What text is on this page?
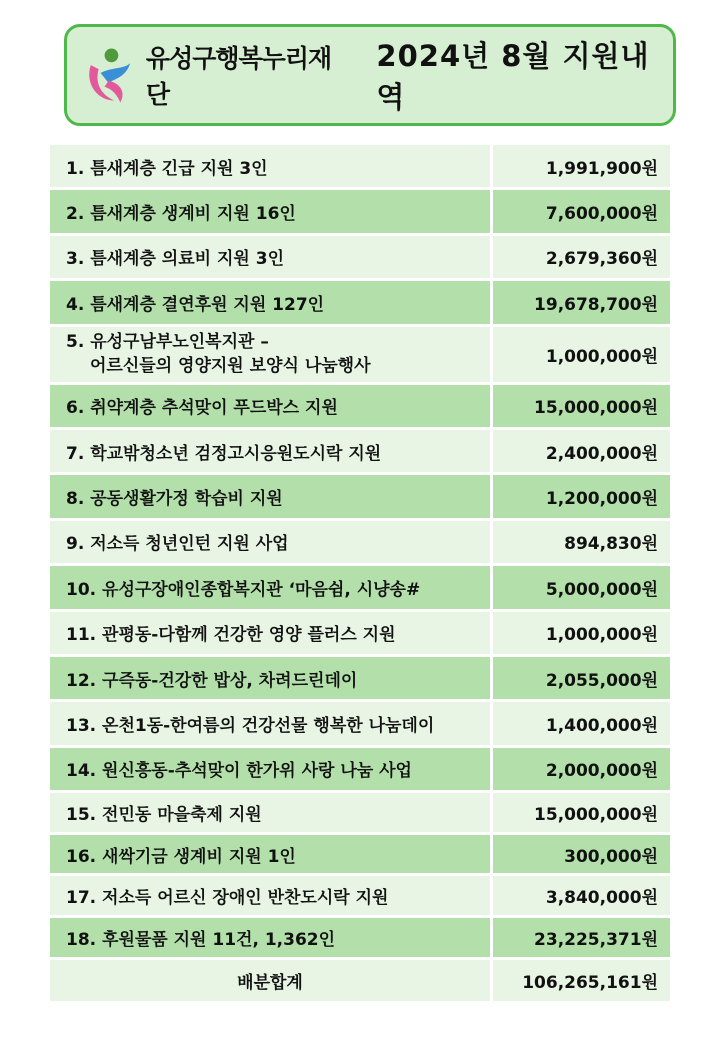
유성구행복누리재단
2024년 8월 지원내역
1. 틈새계층 긴급 지원 3인	1,991,900원
2. 틈새계층 생계비 지원 16인	7,600,000원
3. 틈새계층 의료비 지원 3인	2,679,360원
4. 틈새계층 결연후원 지원 127인	19,678,700원

5. 유성구남부노인복지관 –
어르신들의 영양지원 보양식 나눔행사	1,000,000원
6. 취약계층 추석맞이 푸드박스 지원	15,000,000원
7. 학교밖청소년 검정고시응원도시락 지원	2,400,000원
8. 공동생활가정 학습비 지원	1,200,000원
9. 저소득 청년인턴 지원 사업	894,830원
10. 유성구장애인종합복지관 ‘마음쉼, 시냥송#	5,000,000원
11. 관평동-다함께 건강한 영양 플러스 지원	1,000,000원
12. 구즉동-건강한 밥상, 차려드린데이	2,055,000원
13. 온천1동-한여름의 건강선물 행복한 나눔데이	1,400,000원
14. 원신흥동-추석맞이 한가위 사랑 나눔 사업	2,000,000원
15. 전민동 마을축제 지원	15,000,000원
16. 새싹기금 생계비 지원 1인	300,000원
17. 저소득 어르신 장애인 반찬도시락 지원	3,840,000원
18. 후원물품 지원 11건, 1,362인	23,225,371원
배분합계	106,265,161원
